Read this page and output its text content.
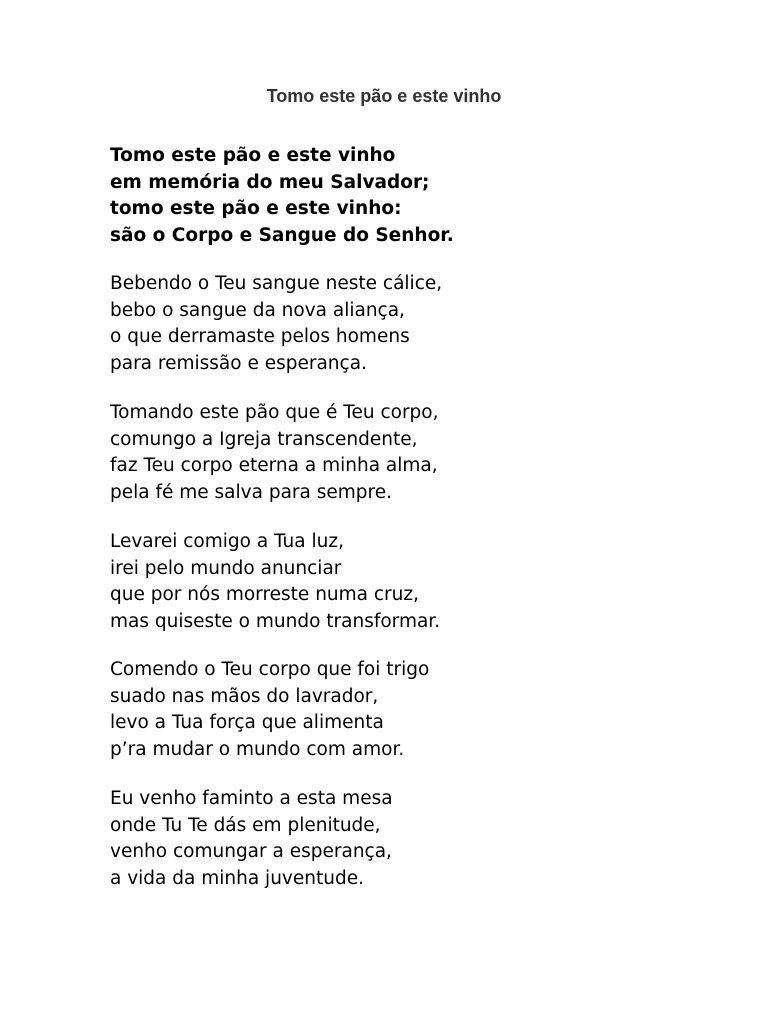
Tomo este pão e este vinho

Tomo este pão e este vinho
em memória do meu Salvador;
tomo este pão e este vinho:
são o Corpo e Sangue do Senhor.

Bebendo o Teu sangue neste cálice,
bebo o sangue da nova aliança,
o que derramaste pelos homens
para remissão e esperança.

Tomando este pão que é Teu corpo,
comungo a Igreja transcendente,
faz Teu corpo eterna a minha alma,
pela fé me salva para sempre.

Levarei comigo a Tua luz,
irei pelo mundo anunciar
que por nós morreste numa cruz,
mas quiseste o mundo transformar.

Comendo o Teu corpo que foi trigo
suado nas mãos do lavrador,
levo a Tua força que alimenta
p’ra mudar o mundo com amor.

Eu venho faminto a esta mesa
onde Tu Te dás em plenitude,
venho comungar a esperança,
a vida da minha juventude.
